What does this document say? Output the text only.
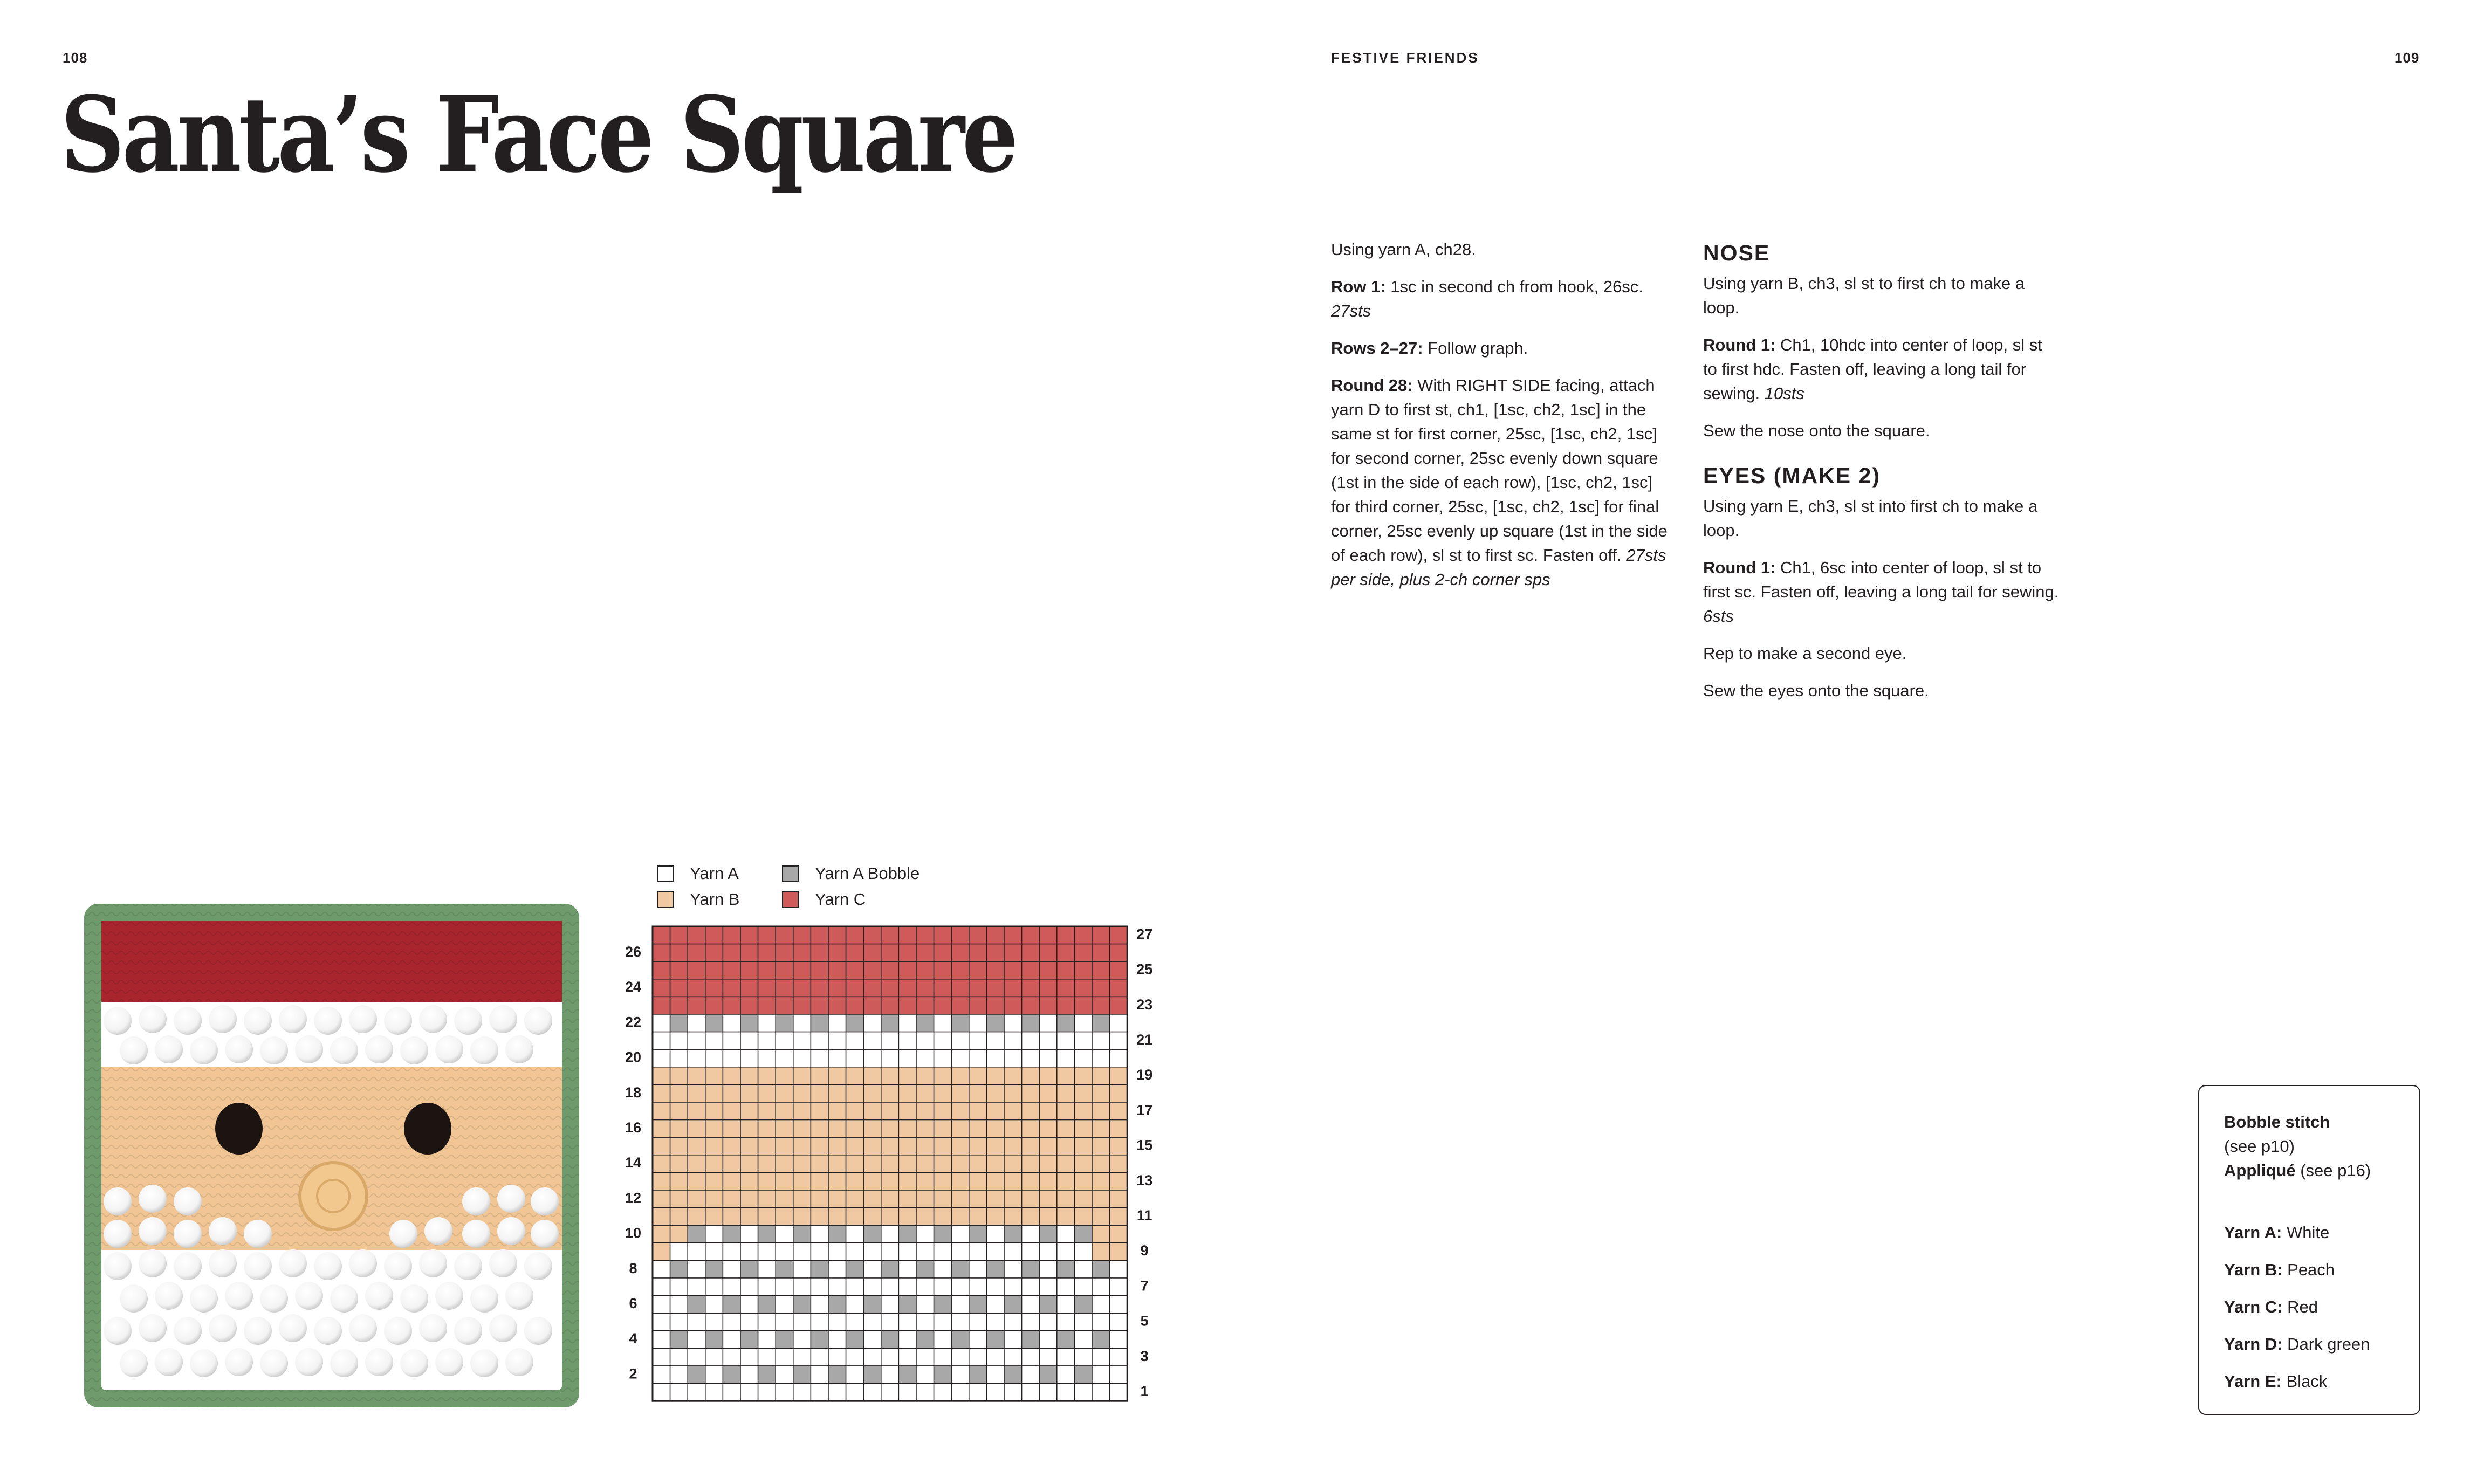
108	FESTIVE FRIENDS	109
Santa’s Face Square

Using yarn A, ch28.

Row 1: 1sc in second ch from hook, 26sc. 27sts

Rows 2–27: Follow graph.

Round 28: With RIGHT SIDE facing, attach yarn D to first st, ch1, [1sc, ch2, 1sc] in the same st for first corner, 25sc, [1sc, ch2, 1sc] for second corner, 25sc evenly down square (1st in the side of each row), [1sc, ch2, 1sc] for third corner, 25sc, [1sc, ch2, 1sc] for final corner, 25sc evenly up square (1st in the side of each row), sl st to first sc. Fasten off. 27sts per side, plus 2-ch corner sps

NOSE

Using yarn B, ch3, sl st to first ch to make a loop.

Round 1: Ch1, 10hdc into center of loop, sl st to first hdc. Fasten off, leaving a long tail for sewing. 10sts

Sew the nose onto the square.

EYES (MAKE 2)

Using yarn E, ch3, sl st into first ch to make a loop.

Round 1: Ch1, 6sc into center of loop, sl st to first sc. Fasten off, leaving a long tail for sewing. 6sts

Rep to make a second eye.

Sew the eyes onto the square.

Yarn A
Yarn B
Yarn A Bobble
Yarn C
26
24
22
20
18
16
14
12
10
8
6
4
2
27
25
23
21
19
17
15
13
11
9
7
5
3
1
Bobble stitch
(see p10)
Appliqué (see p16)
Yarn A: White
Yarn B: Peach
Yarn C: Red
Yarn D: Dark green
Yarn E: Black
